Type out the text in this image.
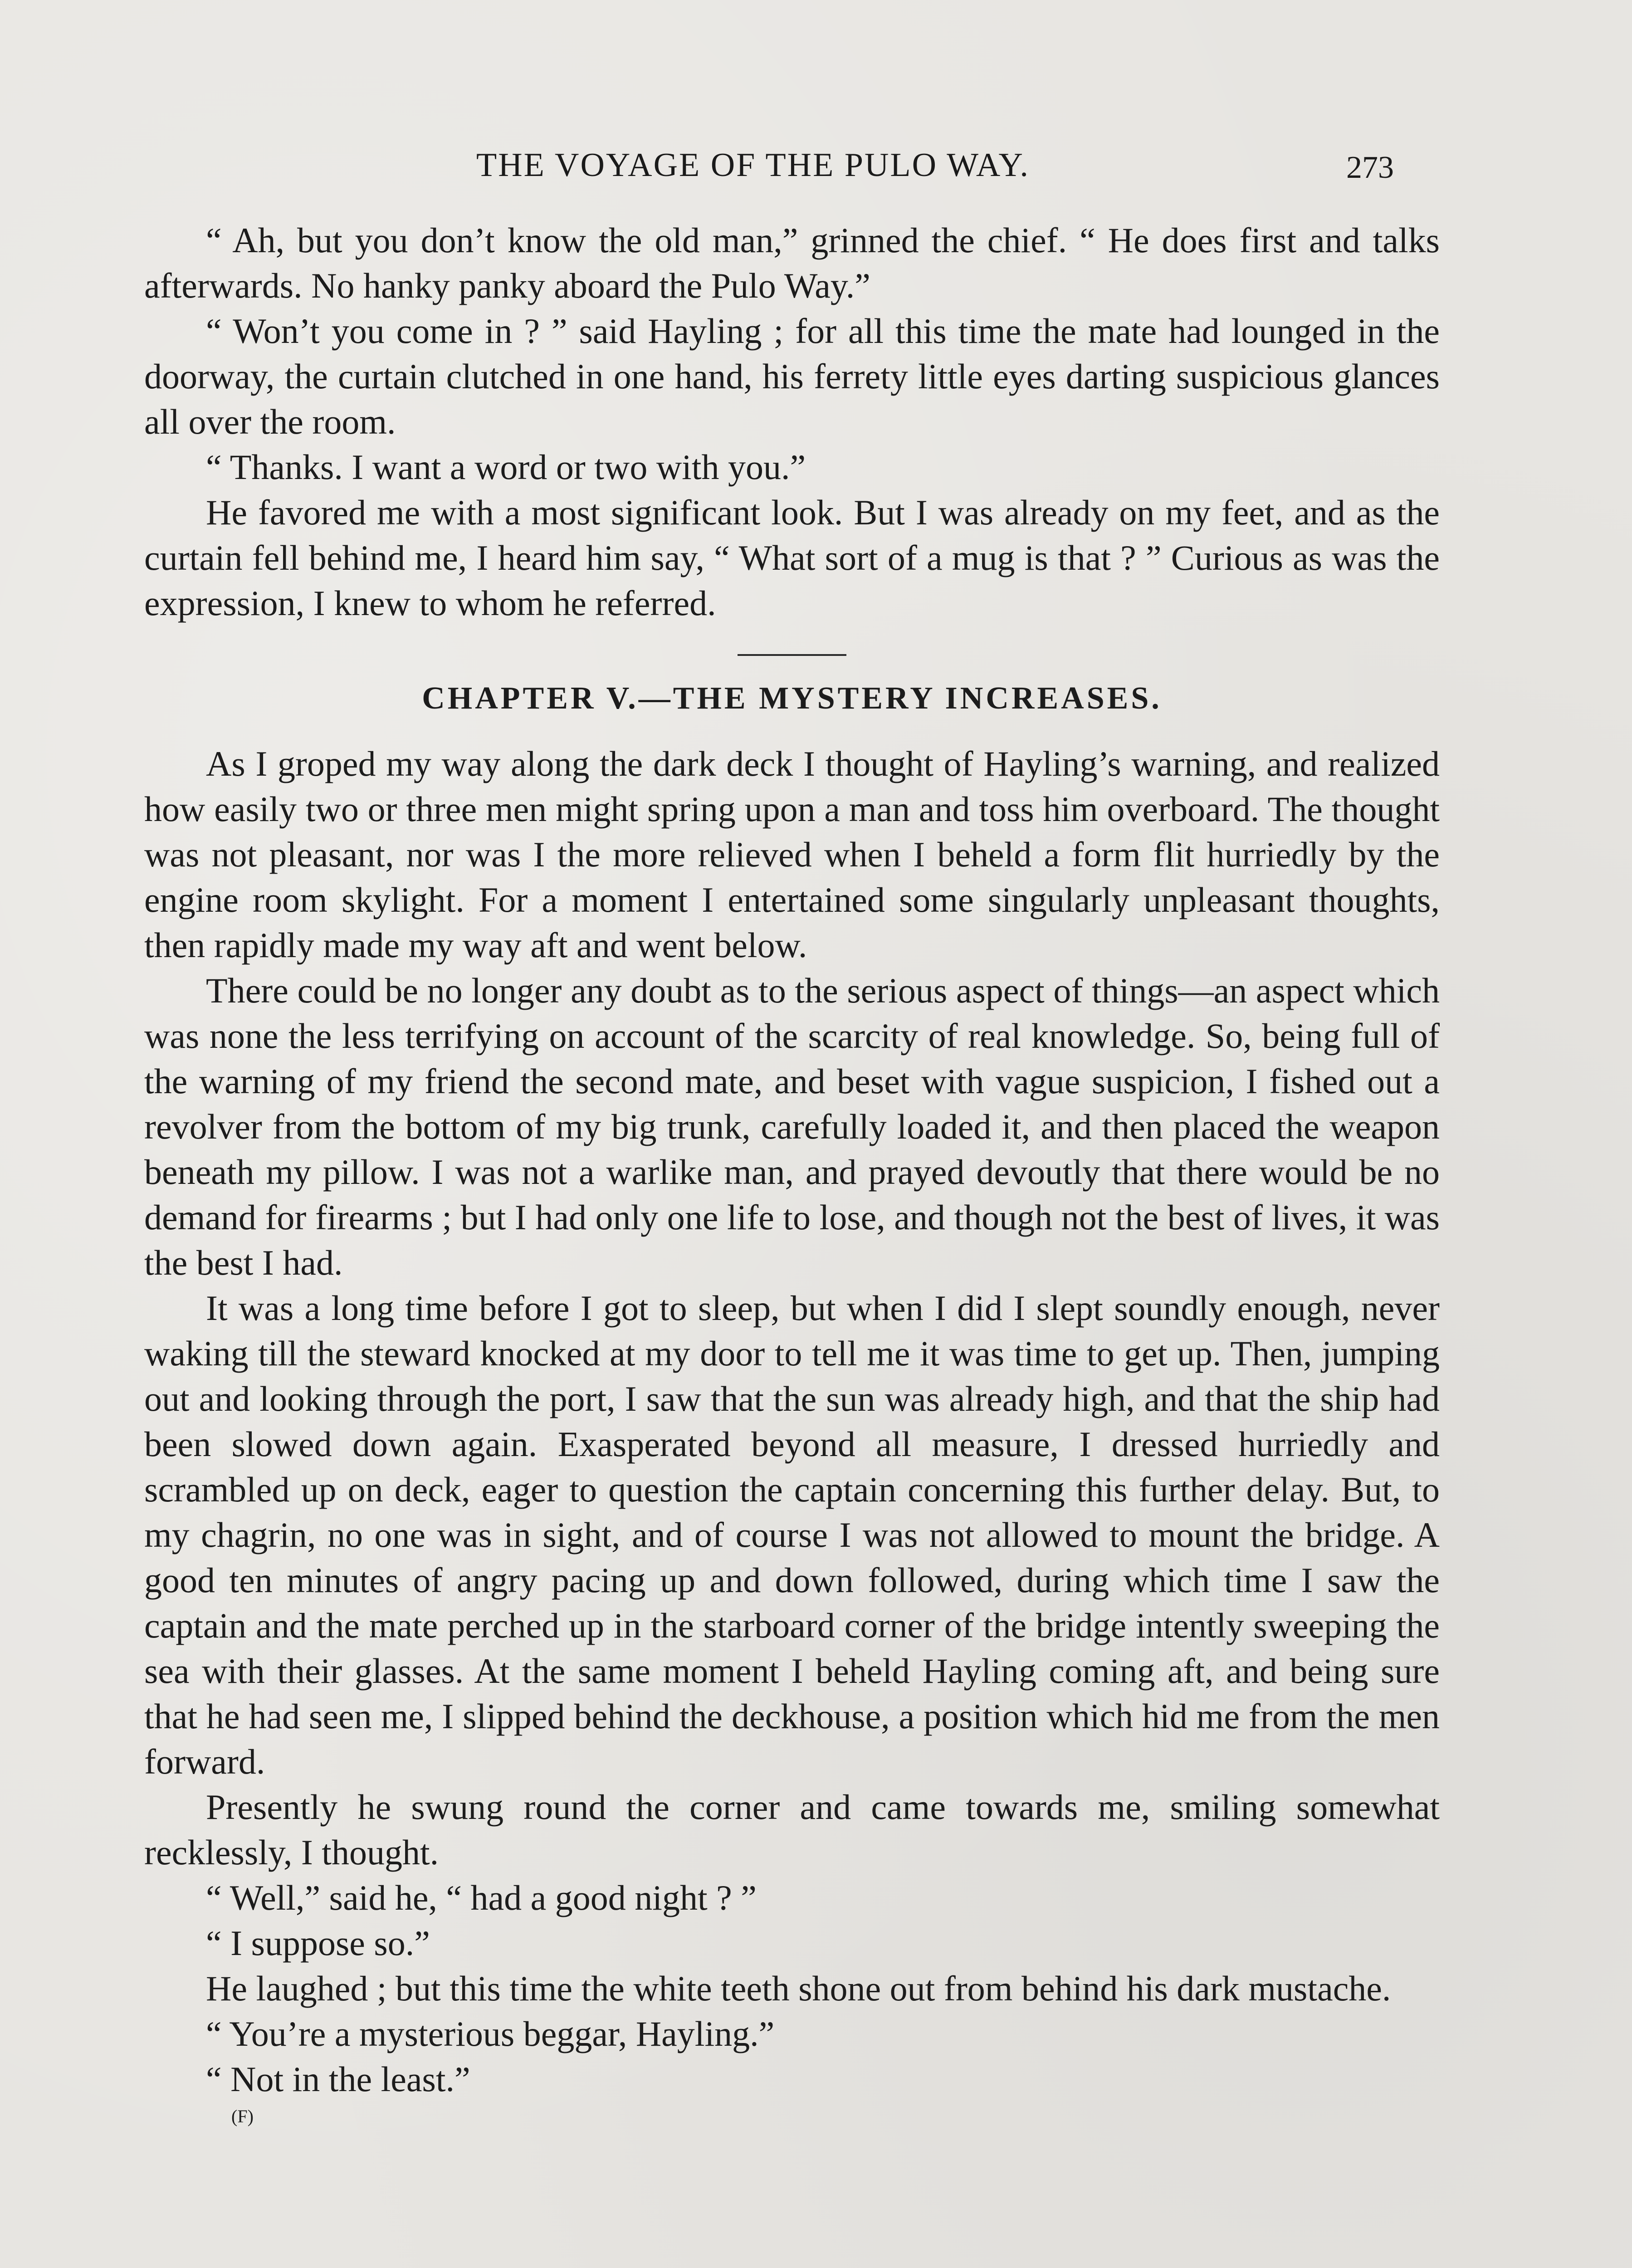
THE VOYAGE OF THE PULO WAY.	273

“ Ah, but you don’t know the old man,” grinned the chief. “ He does first and talks afterwards. No hanky panky aboard the Pulo Way.”

“ Won’t you come in ? ” said Hayling ; for all this time the mate had lounged in the doorway, the curtain clutched in one hand, his ferrety little eyes darting suspicious glances all over the room.

“ Thanks. I want a word or two with you.”

He favored me with a most significant look. But I was already on my feet, and as the curtain fell behind me, I heard him say, “ What sort of a mug is that ? ” Curious as was the expression, I knew to whom he referred.

CHAPTER V.—THE MYSTERY INCREASES.

As I groped my way along the dark deck I thought of Hayling’s warning, and realized how easily two or three men might spring upon a man and toss him overboard. The thought was not pleasant, nor was I the more relieved when I beheld a form flit hurriedly by the engine room skylight. For a moment I entertained some singularly unpleasant thoughts, then rapidly made my way aft and went below.

There could be no longer any doubt as to the serious aspect of things—an aspect which was none the less terrifying on account of the scarcity of real knowledge. So, being full of the warning of my friend the second mate, and beset with vague suspicion, I fished out a revolver from the bottom of my big trunk, carefully loaded it, and then placed the weapon beneath my pillow. I was not a warlike man, and prayed devoutly that there would be no demand for firearms ; but I had only one life to lose, and though not the best of lives, it was the best I had.

It was a long time before I got to sleep, but when I did I slept soundly enough, never waking till the steward knocked at my door to tell me it was time to get up. Then, jumping out and looking through the port, I saw that the sun was already high, and that the ship had been slowed down again. Exasperated beyond all measure, I dressed hurriedly and scrambled up on deck, eager to question the captain concerning this further delay. But, to my chagrin, no one was in sight, and of course I was not allowed to mount the bridge. A good ten minutes of angry pacing up and down followed, during which time I saw the captain and the mate perched up in the starboard corner of the bridge intently sweeping the sea with their glasses. At the same moment I beheld Hayling coming aft, and being sure that he had seen me, I slipped behind the deckhouse, a position which hid me from the men forward.

Presently he swung round the corner and came towards me, smiling somewhat recklessly, I thought.

“ Well,” said he, “ had a good night ? ”

“ I suppose so.”

He laughed ; but this time the white teeth shone out from behind his dark mustache.

“ You’re a mysterious beggar, Hayling.”

“ Not in the least.”

(F)
